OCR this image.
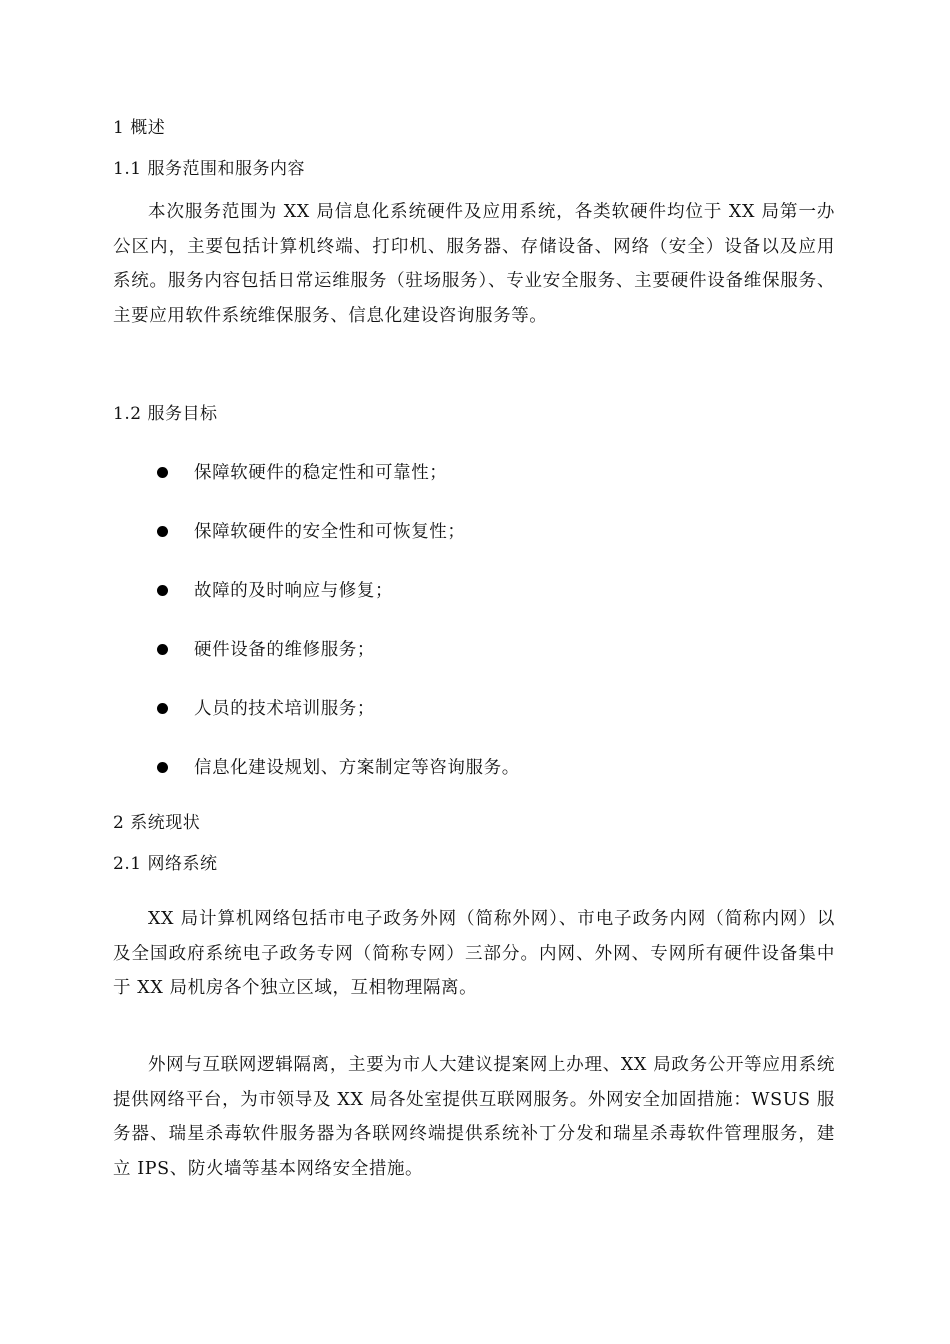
1 概述
1.1 服务范围和服务内容

本次服务范围为 XX 局信息化系统硬件及应用系统，各类软硬件均位于 XX 局第一办公区内，主要包括计算机终端、打印机、服务器、存储设备、网络（安全）设备以及应用系统。服务内容包括日常运维服务（驻场服务）、专业安全服务、主要硬件设备维保服务、主要应用软件系统维保服务、信息化建设咨询服务等。

1.2 服务目标
保障软硬件的稳定性和可靠性；
保障软硬件的安全性和可恢复性；
故障的及时响应与修复；
硬件设备的维修服务；
人员的技术培训服务；
信息化建设规划、方案制定等咨询服务。
2 系统现状
2.1 网络系统

XX 局计算机网络包括市电子政务外网（简称外网）、市电子政务内网（简称内网）以及全国政府系统电子政务专网（简称专网）三部分。内网、外网、专网所有硬件设备集中于 XX 局机房各个独立区域，互相物理隔离。

外网与互联网逻辑隔离，主要为市人大建议提案网上办理、XX 局政务公开等应用系统提供网络平台，为市领导及 XX 局各处室提供互联网服务。外网安全加固措施：WSUS 服务器、瑞星杀毒软件服务器为各联网终端提供系统补丁分发和瑞星杀毒软件管理服务，建立 IPS、防火墙等基本网络安全措施。
